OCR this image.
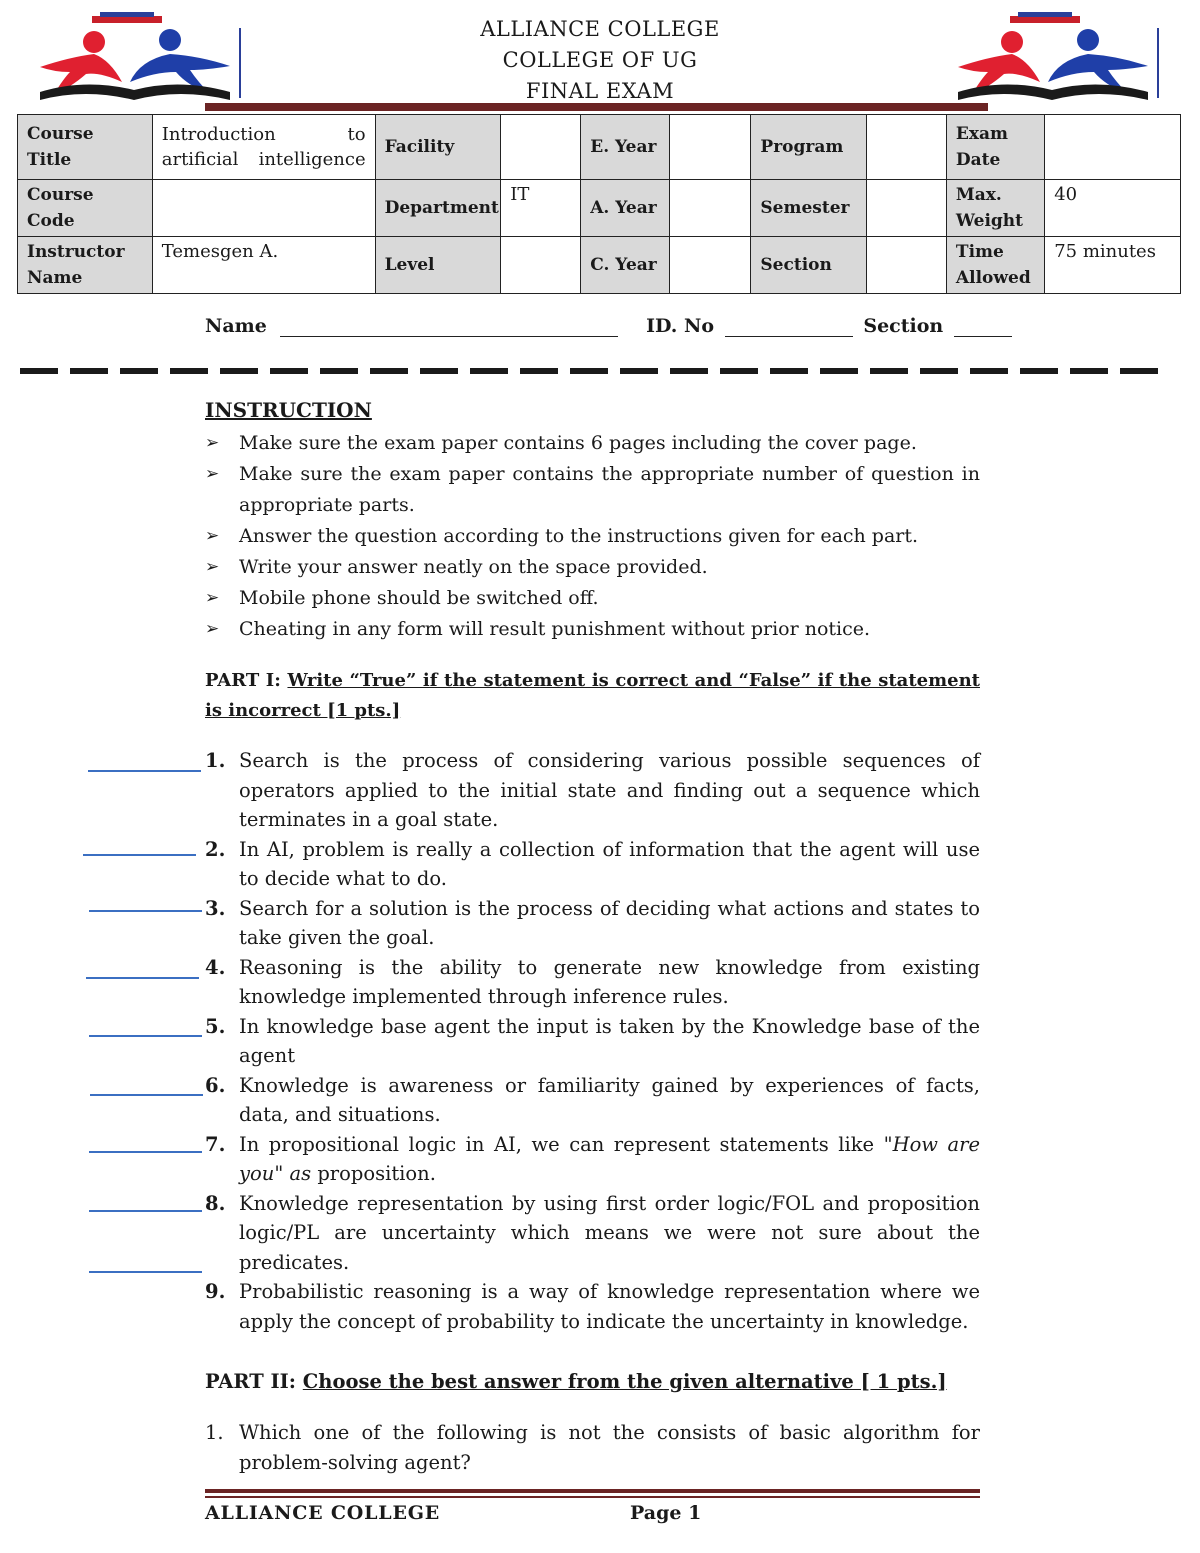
ALLIANCE COLLEGE
COLLEGE OF UG
FINAL EXAM
Course Title	Introduction to artificial intelligence	Facility		E. Year		Program		Exam Date	
Course Code		Department	IT	A. Year		Semester		Max. Weight	40
Instructor Name	Temesgen A.	Level		C. Year		Section		Time Allowed	75 minutes
Name	ID. No	Section
INSTRUCTION
➢ Make sure the exam paper contains 6 pages including the cover page.
➢ Make sure the exam paper contains the appropriate number of question in appropriate parts.
➢ Answer the question according to the instructions given for each part.
➢ Write your answer neatly on the space provided.
➢ Mobile phone should be switched off.
➢ Cheating in any form will result punishment without prior notice.
PART I: Write “True” if the statement is correct and “False” if the statement is incorrect [1 pts.]
1. Search is the process of considering various possible sequences of operators applied to the initial state and finding out a sequence which terminates in a goal state.
2. In AI, problem is really a collection of information that the agent will use to decide what to do.
3. Search for a solution is the process of deciding what actions and states to take given the goal.
4. Reasoning is the ability to generate new knowledge from existing knowledge implemented through inference rules.
5. In knowledge base agent the input is taken by the Knowledge base of the agent
6. Knowledge is awareness or familiarity gained by experiences of facts, data, and situations.
7. In propositional logic in AI, we can represent statements like "How are you" as proposition.
8. Knowledge representation by using first order logic/FOL and proposition logic/PL are uncertainty which means we were not sure about the predicates.
9. Probabilistic reasoning is a way of knowledge representation where we apply the concept of probability to indicate the uncertainty in knowledge.
PART II: Choose the best answer from the given alternative [ 1 pts.]
1. Which one of the following is not the consists of basic algorithm for problem-solving agent?
ALLIANCE COLLEGE	Page 1
